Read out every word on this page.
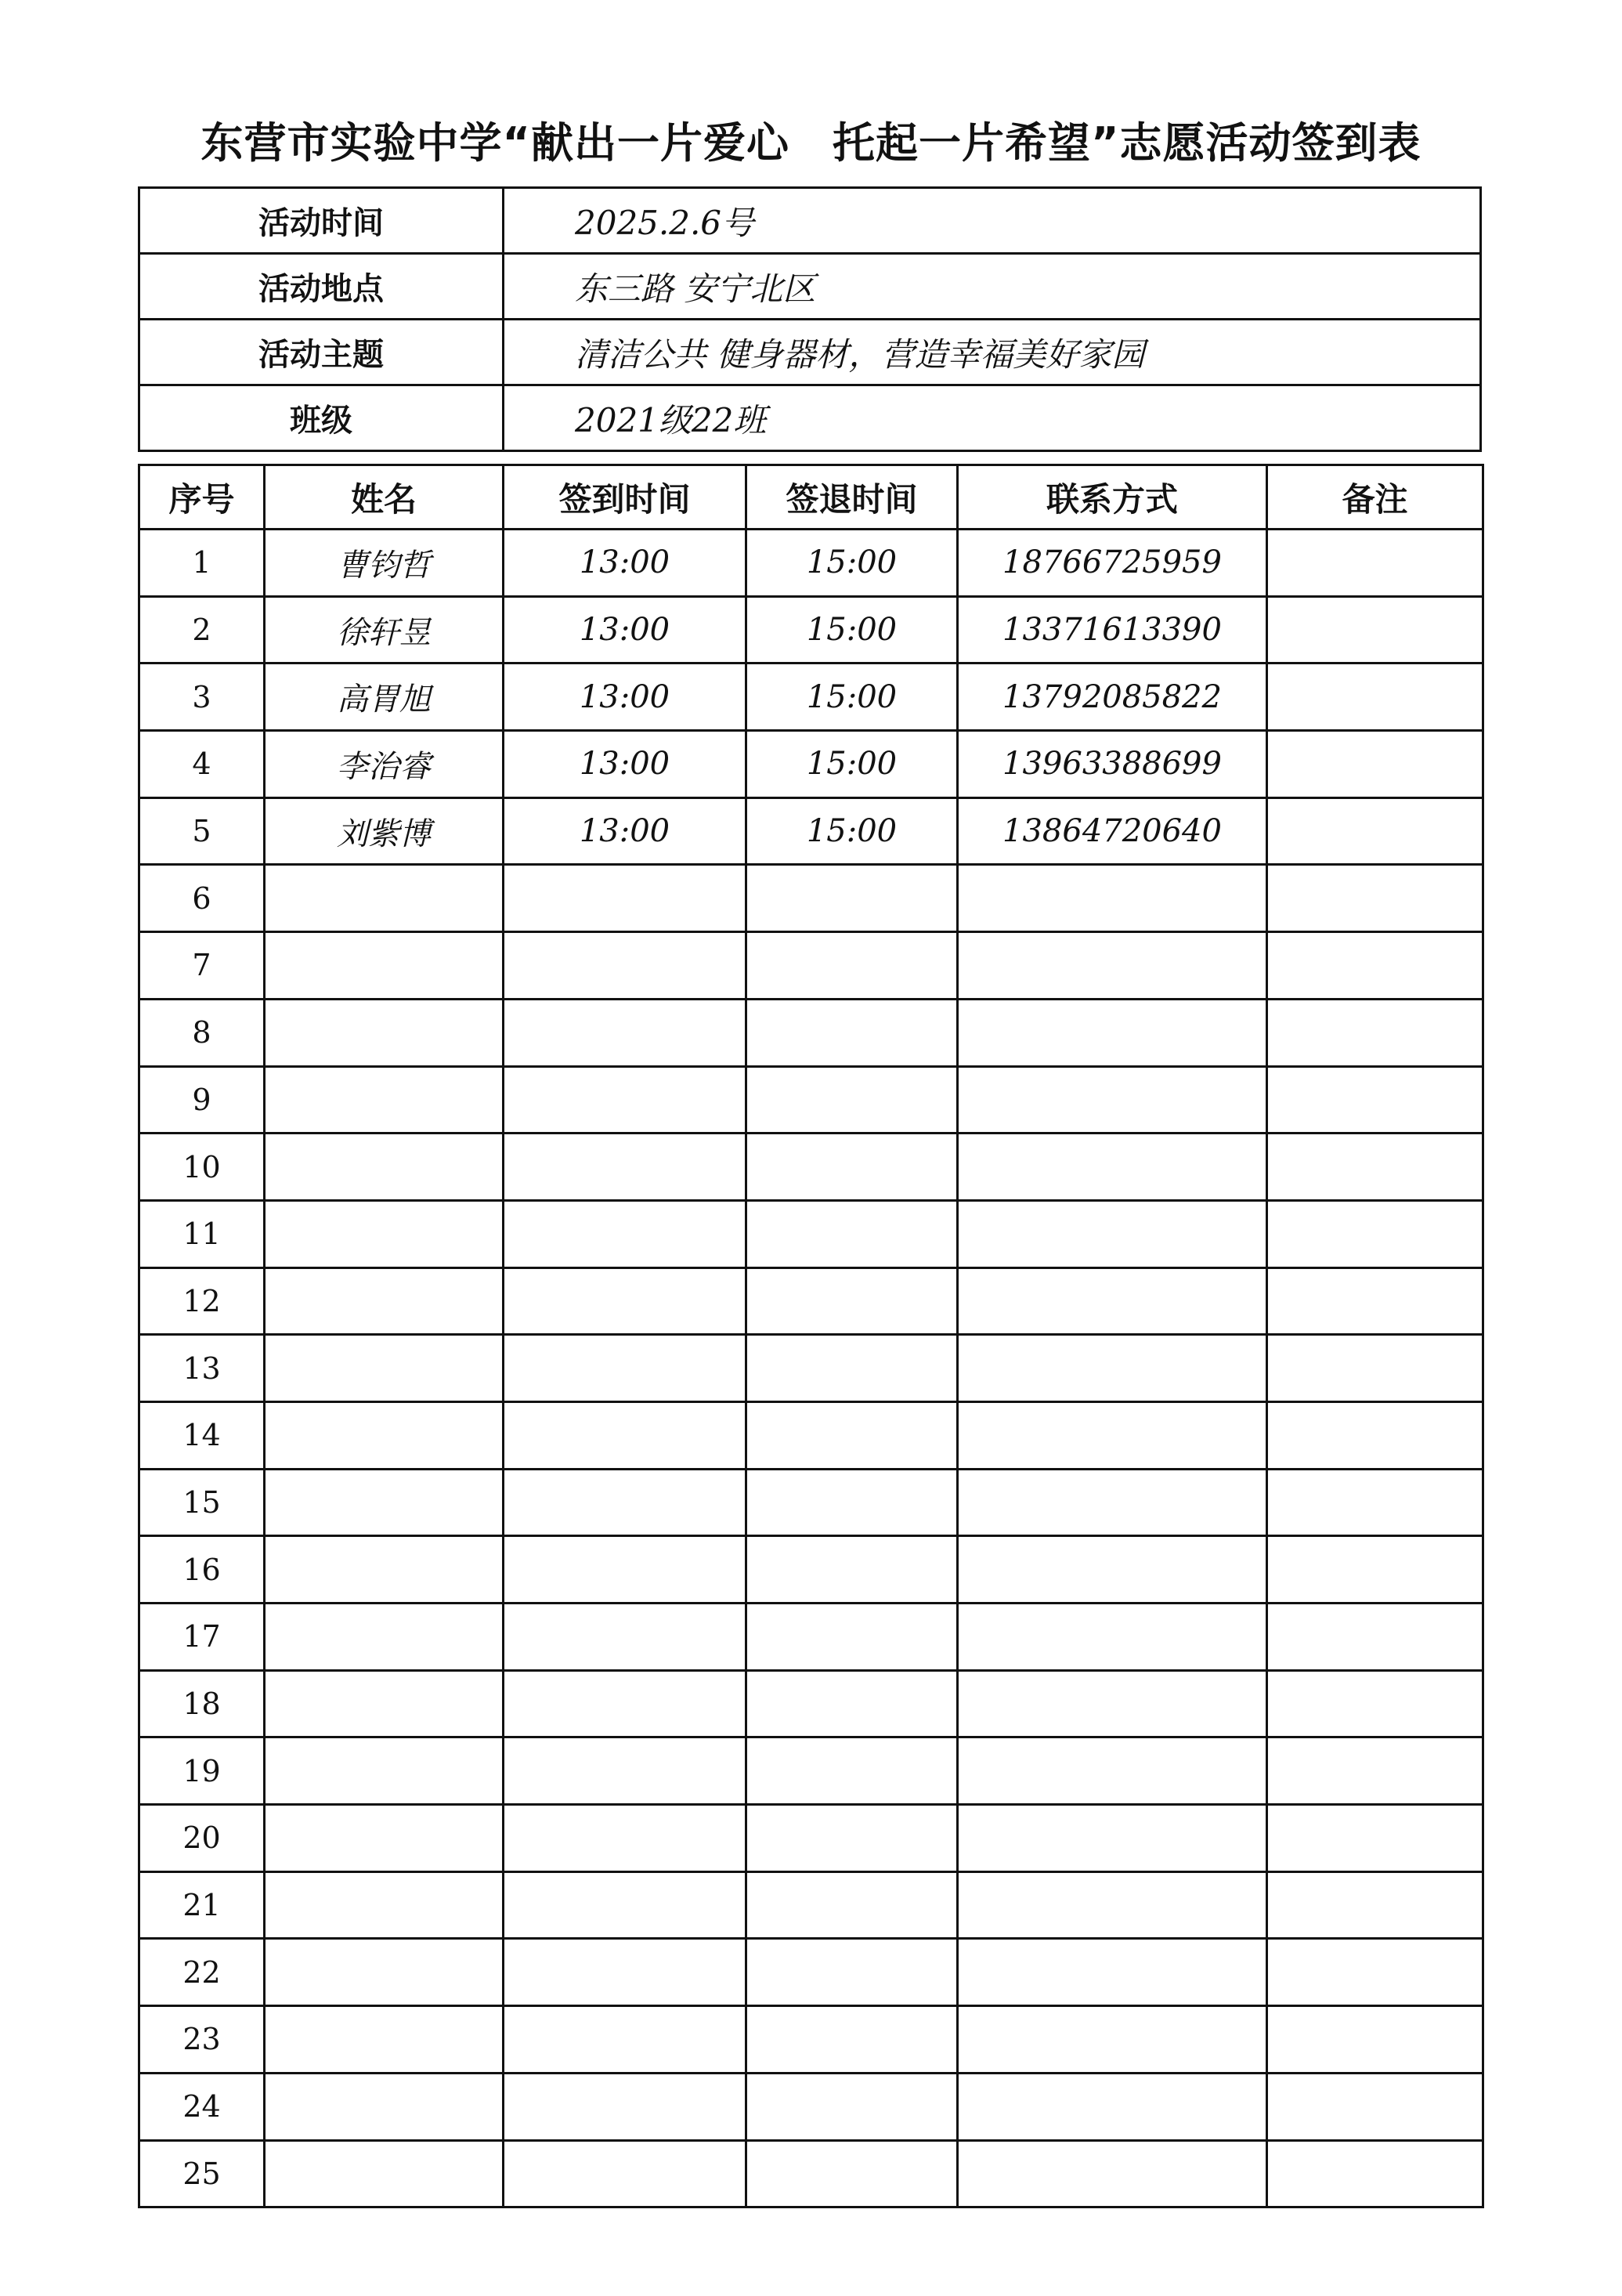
东营市实验中学“献出一片爱心　托起一片希望”志愿活动签到表
活动时间	2025.2.6号
活动地点	东三路 安宁北区
活动主题	清洁公共 健身器材，营造幸福美好家园
班级	2021级22班
序号	姓名	签到时间	签退时间	联系方式	备注
1	曹钧哲	13:00	15:00	18766725959	
2	徐轩昱	13:00	15:00	13371613390	
3	高胃旭	13:00	15:00	13792085822	
4	李治睿	13:00	15:00	13963388699	
5	刘紫博	13:00	15:00	13864720640	
6					
7					
8					
9					
10					
11					
12					
13					
14					
15					
16					
17					
18					
19					
20					
21					
22					
23					
24					
25					
